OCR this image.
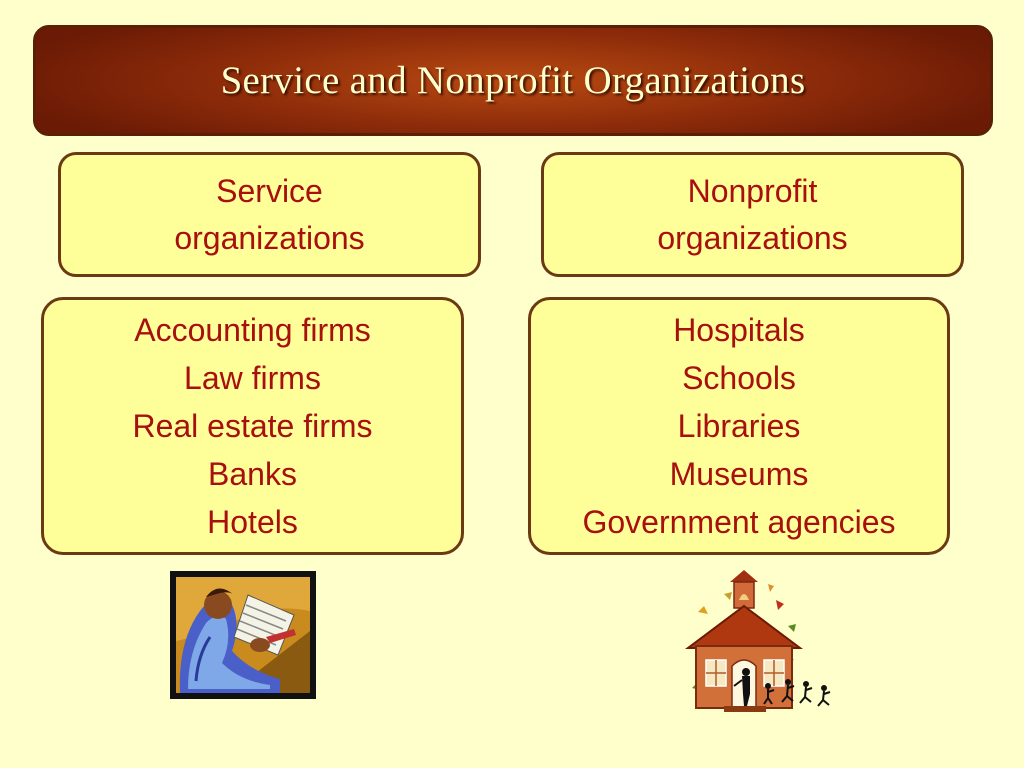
Service and Nonprofit Organizations
Service
organizations
Nonprofit
organizations
Accounting firms
Law firms
Real estate firms
Banks
Hotels
Hospitals
Schools
Libraries
Museums
Government agencies
